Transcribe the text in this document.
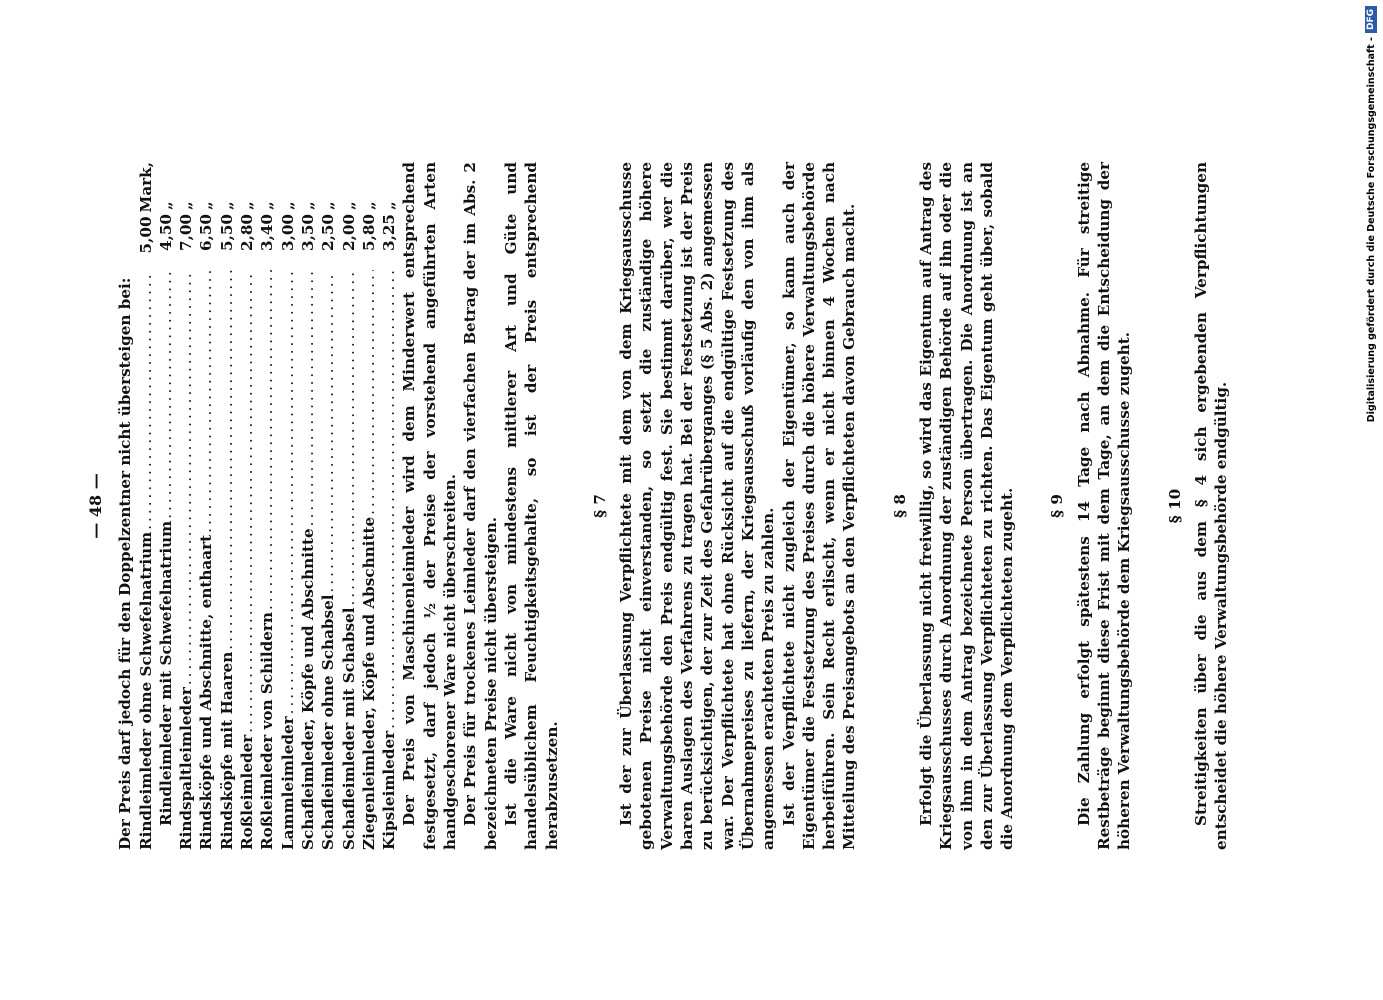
— 48 — Der Preis darf jedoch für den Doppelzentner nicht übersteigen bei: Rindleimleder ohne Schwefelnatrium
.....
5,00
Mark,
Rindleimleder mit Schwefelnatrium
.....
4,50
„
Rindspaltleimleder
.....
7,00
„
Rindsköpfe und Abschnitte, enthaart
.....
6,50
„
Rindsköpfe mit Haaren
.....
5,50
„
Roßleimleder
.....
2,80
„
Roßleimleder von Schildern
.....
3,40
„
Lammleimleder
.....
3,00
„
Schafleimleder, Köpfe und Abschnitte
.....
3,50
„
Schafleimleder ohne Schabsel
.....
2,50
„
Schafleimleder mit Schabsel
.....
2,00
„
Ziegenleimleder, Köpfe und Abschnitte
.....
5,80
„
Kipsleimleder
.....
3,25
„ Der Preis von Maschinenleimleder wird dem Minderwert entsprechend festgesetzt, darf jedoch ½ der Preise der vorstehend angeführten Arten handgeschorener Ware nicht überschreiten. Der Preis für trockenes Leimleder darf den vierfachen Betrag der im Abs. 2 bezeichneten Preise nicht übersteigen. Ist die Ware nicht von mindestens mittlerer Art und Güte und handelsüblichem Feuchtigkeitsgehalte, so ist der Preis entsprechend herabzusetzen.

§ 7 Ist der zur Überlassung Verpflichtete mit dem von dem Kriegsausschusse gebotenen Preise nicht einverstanden, so setzt die zuständige höhere Verwaltungsbehörde den Preis endgültig fest. Sie bestimmt darüber, wer die baren Auslagen des Verfahrens zu tragen hat. Bei der Festsetzung ist der Preis zu berücksichtigen, der zur Zeit des Gefahrüberganges (§ 5 Abs. 2) angemessen war. Der Verpflichtete hat ohne Rücksicht auf die endgültige Festsetzung des Übernahmepreises zu liefern, der Kriegsausschuß vorläufig den von ihm als angemessen erachteten Preis zu zahlen. Ist der Verpflichtete nicht zugleich der Eigentümer, so kann auch der Eigentümer die Festsetzung des Preises durch die höhere Verwaltungsbehörde herbeiführen. Sein Recht erlischt, wenn er nicht binnen 4 Wochen nach Mitteilung des Preisangebots an den Verpflichteten davon Gebrauch macht. § 8 Erfolgt die Überlassung nicht freiwillig, so wird das Eigentum auf Antrag des Kriegsausschusses durch Anordnung der zuständigen Behörde auf ihn oder die von ihm in dem Antrag bezeichnete Person übertragen. Die Anordnung ist an den zur Überlassung Verpflichteten zu richten. Das Eigentum geht über, sobald die Anordnung dem Verpflichteten zugeht. § 9 Die Zahlung erfolgt spätestens 14 Tage nach Abnahme. Für streitige Restbeträge beginnt diese Frist mit dem Tage, an dem die Entscheidung der höheren Verwaltungsbehörde dem Kriegsausschusse zugeht. § 10 Streitigkeiten über die aus dem § 4 sich ergebenden Verpflichtungen entscheidet die höhere Verwaltungsbehörde endgültig.

Digitalisierung gefördert durch die Deutsche Forschungsgemeinschaft -
DFG
